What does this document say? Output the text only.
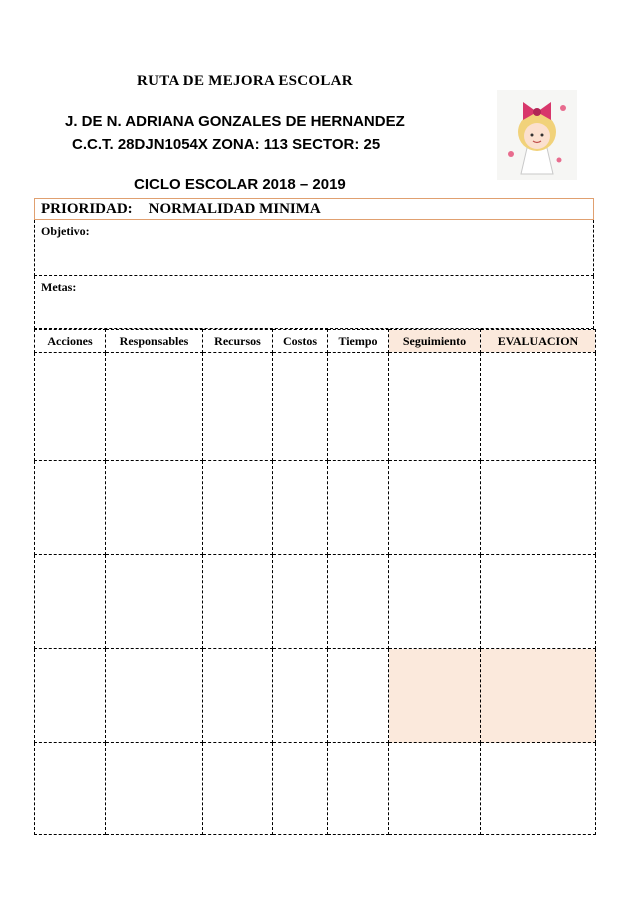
RUTA DE MEJORA ESCOLAR
J. DE N. ADRIANA GONZALES DE HERNANDEZ
C.C.T. 28DJN1054X ZONA: 113 SECTOR: 25
CICLO ESCOLAR 2018 – 2019
PRIORIDAD: NORMALIDAD MINIMA
Objetivo:
Metas:
Acciones	Responsables	Recursos	Costos	Tiempo	Seguimiento	EVALUACION
